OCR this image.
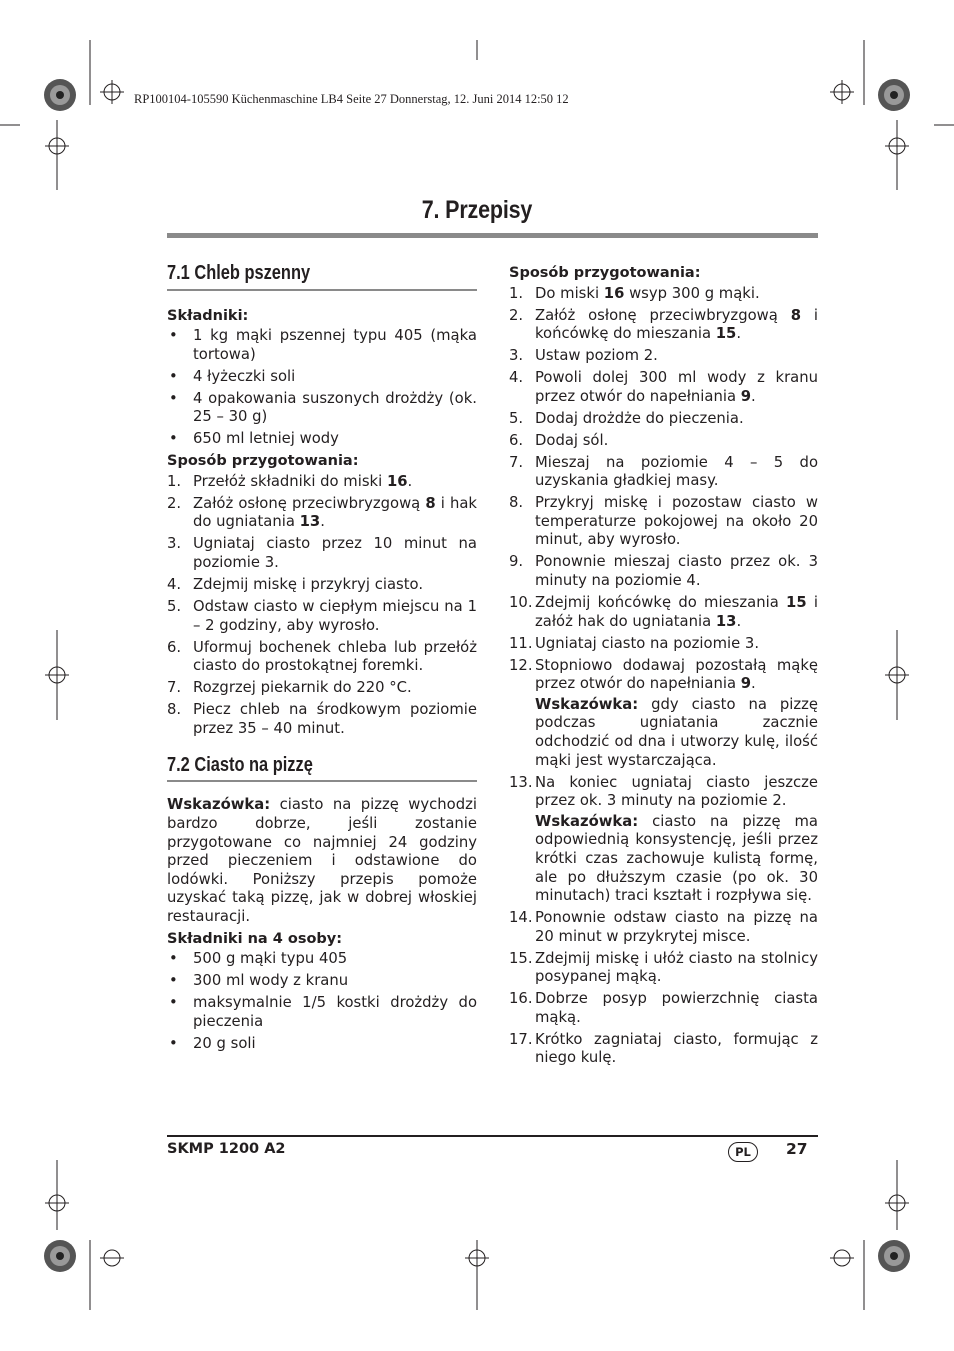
RP100104-105590 Küchenmaschine LB4 Seite 27 Donnerstag, 12. Juni 2014 12:50 12
7. Przepisy
7.1 Chleb pszenny
Składniki:
• 1 kg mąki pszennej typu 405 (mąka tortowa)
• 4 łyżeczki soli
• 4 opakowania suszonych drożdży (ok. 25 – 30 g)
• 650 ml letniej wody
Sposób przygotowania:
1. Przełóż składniki do miski 16.
2. Załóż osłonę przeciwbryzgową 8 i hak do ugniatania 13.
3. Ugniataj ciasto przez 10 minut na poziomie 3.
4. Zdejmij miskę i przykryj ciasto.
5. Odstaw ciasto w ciepłym miejscu na 1 – 2 godziny, aby wyrosło.
6. Uformuj bochenek chleba lub przełóż ciasto do prostokątnej foremki.
7. Rozgrzej piekarnik do 220 °C.
8. Piecz chleb na środkowym poziomie przez 35 – 40 minut.
7.2 Ciasto na pizzę

Wskazówka: ciasto na pizzę wychodzi bardzo dobrze, jeśli zostanie przygotowane co najmniej 24 godziny przed pieczeniem i odstawione do lodówki. Poniższy przepis pomoże uzyskać taką pizzę, jak w dobrej włoskiej restauracji.

Składniki na 4 osoby:
• 500 g mąki typu 405
• 300 ml wody z kranu
• maksymalnie 1/5 kostki drożdży do pieczenia
• 20 g soli
Sposób przygotowania:
1. Do miski 16 wsyp 300 g mąki.
2. Załóż osłonę przeciwbryzgową 8 i końcówkę do mieszania 15.
3. Ustaw poziom 2.
4. Powoli dolej 300 ml wody z kranu przez otwór do napełniania 9.
5. Dodaj drożdże do pieczenia.
6. Dodaj sól.
7. Mieszaj na poziomie 4 – 5 do uzyskania gładkiej masy.
8. Przykryj miskę i pozostaw ciasto w temperaturze pokojowej na około 20 minut, aby wyrosło.
9. Ponownie mieszaj ciasto przez ok. 3 minuty na poziomie 4.
10. Zdejmij końcówkę do mieszania 15 i załóż hak do ugniatania 13.
11. Ugniataj ciasto na poziomie 3.
12. Stopniowo dodawaj pozostałą mąkę przez otwór do napełniania 9.
Wskazówka: gdy ciasto na pizzę podczas ugniatania zacznie odchodzić od dna i utworzy kulę, ilość mąki jest wystarczająca.
13. Na koniec ugniataj ciasto jeszcze przez ok. 3 minuty na poziomie 2.
Wskazówka: ciasto na pizzę ma odpowiednią konsystencję, jeśli przez krótki czas zachowuje kulistą formę, ale po dłuższym czasie (po ok. 30 minutach) traci kształt i rozpływa się.
14. Ponownie odstaw ciasto na pizzę na 20 minut w przykrytej misce.
15. Zdejmij miskę i ułóż ciasto na stolnicy posypanej mąką.
16. Dobrze posyp powierzchnię ciasta mąką.
17. Krótko zagniataj ciasto, formując z niego kulę.
SKMP 1200 A2	PL	27
